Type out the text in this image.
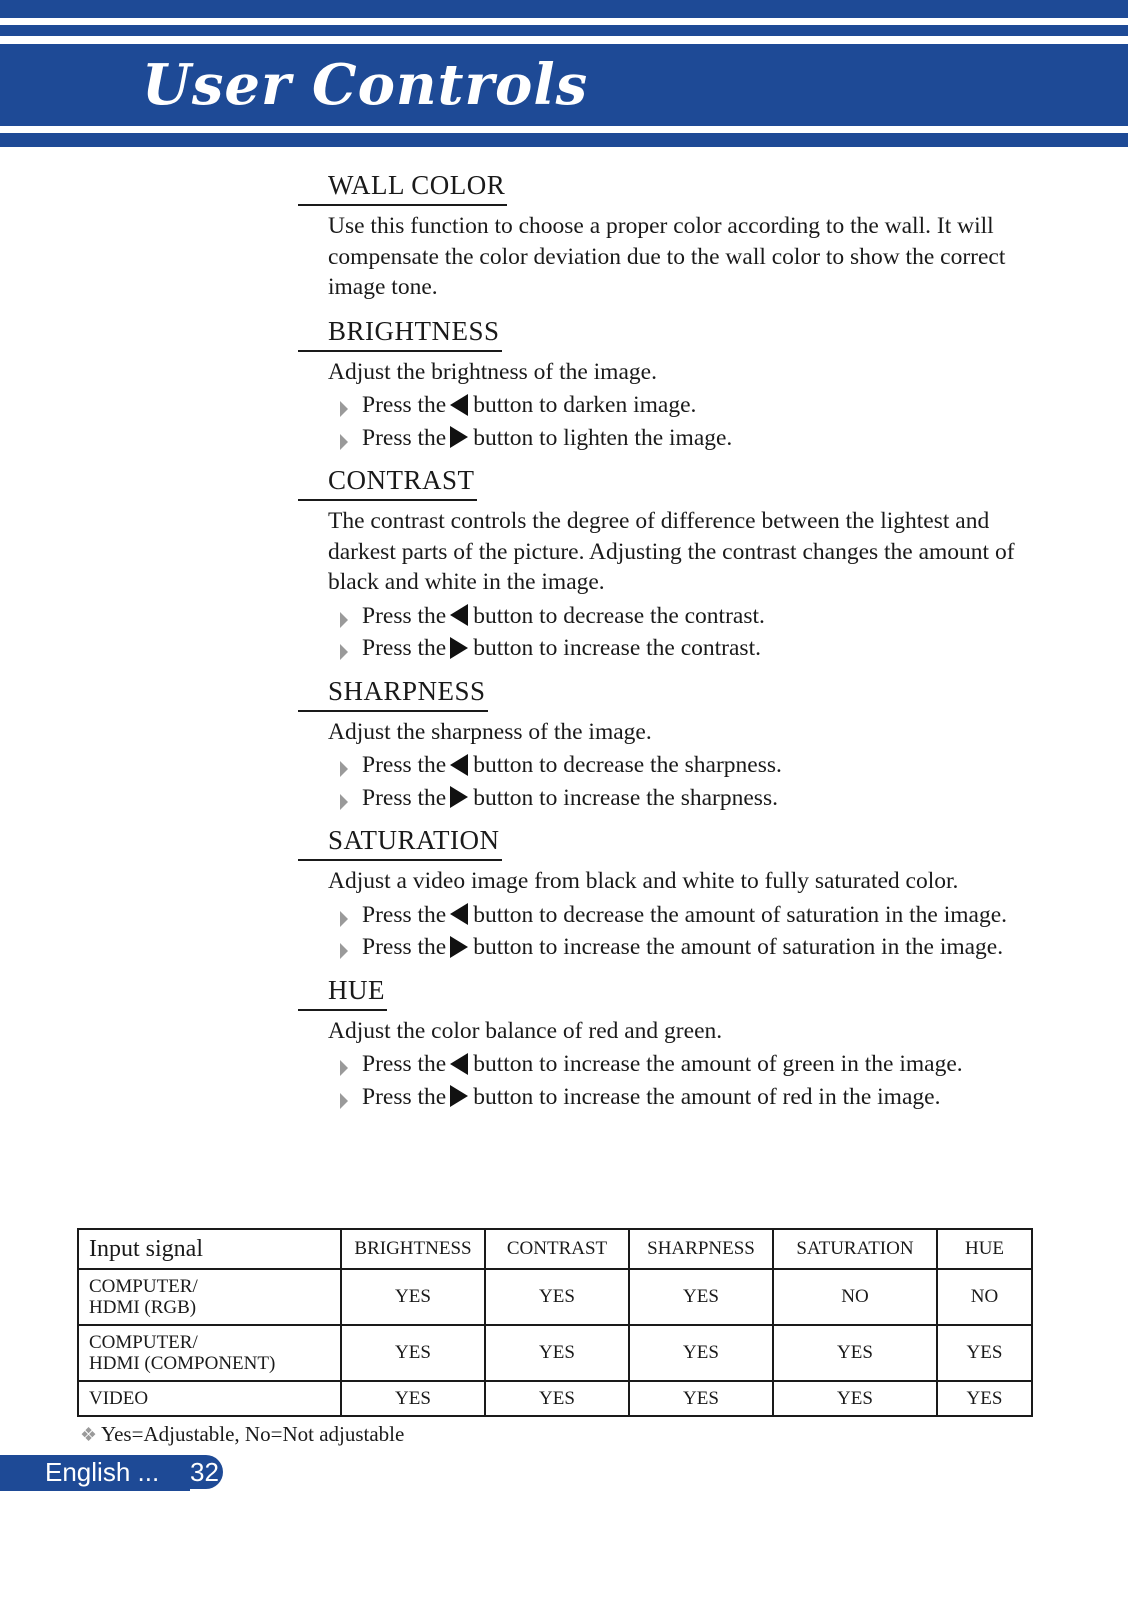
User Controls
WALL COLOR
Use this function to choose a proper color according to the wall. It will compensate the color deviation due to the wall color to show the correct image tone.
BRIGHTNESS
Adjust the brightness of the image.
Press the button to darken image.
Press the button to lighten the image.
CONTRAST
The contrast controls the degree of difference between the lightest and darkest parts of the picture. Adjusting the contrast changes the amount of black and white in the image.
Press the button to decrease the contrast.
Press the button to increase the contrast.
SHARPNESS
Adjust the sharpness of the image.
Press the button to decrease the sharpness.
Press the button to increase the sharpness.
SATURATION
Adjust a video image from black and white to fully saturated color.
Press the button to decrease the amount of saturation in the image.
Press the button to increase the amount of saturation in the image.
HUE
Adjust the color balance of red and green.
Press the button to increase the amount of green in the image.
Press the button to increase the amount of red in the image.
Input signal	BRIGHTNESS	CONTRAST	SHARPNESS	SATURATION	HUE

COMPUTER/
HDMI (RGB)	YES	YES	YES	NO	NO

COMPUTER/
HDMI (COMPONENT)	YES	YES	YES	YES	YES

VIDEO	YES	YES	YES	YES	YES
❖ Yes=Adjustable, No=Not adjustable
English ... 32
